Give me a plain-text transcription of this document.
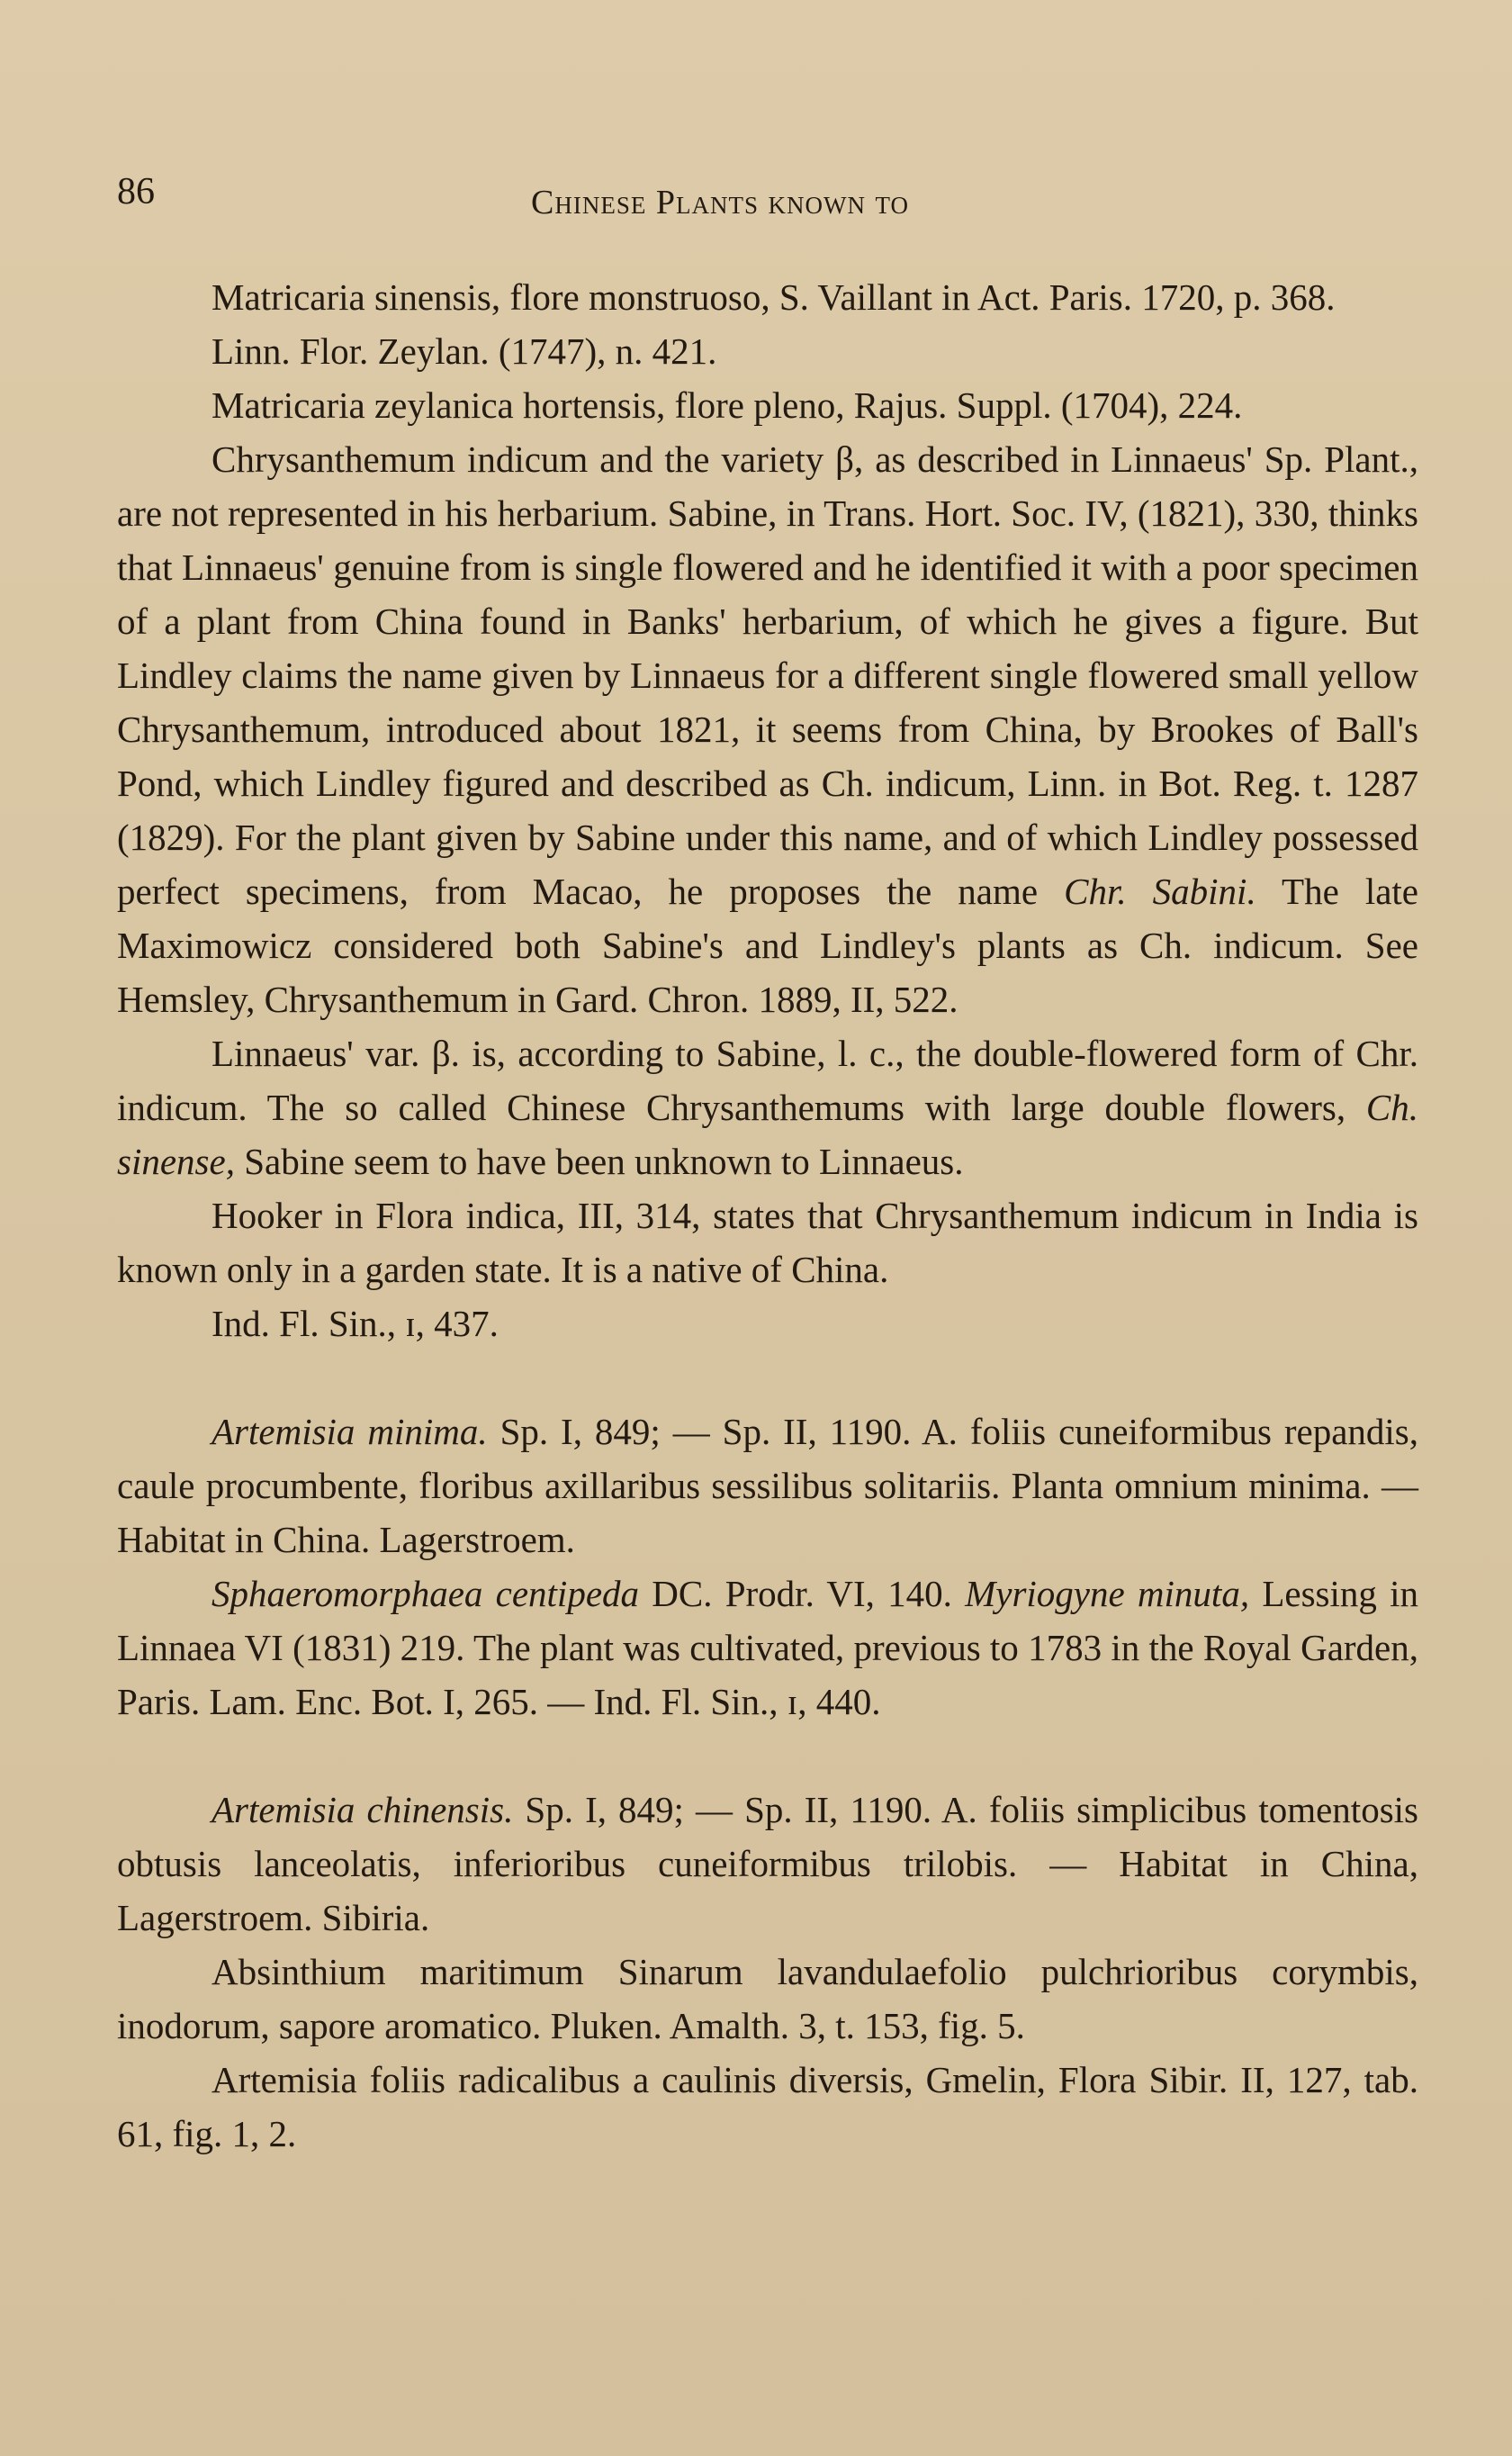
86	Chinese Plants known to

Matricaria sinensis, flore monstruoso, S. Vaillant in Act. Paris. 1720, p. 368.

Linn. Flor. Zeylan. (1747), n. 421.

Matricaria zeylanica hortensis, flore pleno, Rajus. Suppl. (1704), 224.

Chrysanthemum indicum and the variety β, as described in Linnaeus' Sp. Plant., are not represented in his herbarium. Sabine, in Trans. Hort. Soc. IV, (1821), 330, thinks that Linnaeus' genuine from is single flowered and he identified it with a poor specimen of a plant from China found in Banks' herbarium, of which he gives a figure. But Lindley claims the name given by Linnaeus for a different single flowered small yellow Chrysanthemum, introduced about 1821, it seems from China, by Brookes of Ball's Pond, which Lindley figured and described as Ch. indicum, Linn. in Bot. Reg. t. 1287 (1829). For the plant given by Sabine under this name, and of which Lindley possessed perfect specimens, from Macao, he proposes the name Chr. Sabini. The late Maximowicz considered both Sabine's and Lindley's plants as Ch. indicum. See Hemsley, Chrysanthemum in Gard. Chron. 1889, II, 522.

Linnaeus' var. β. is, according to Sabine, l. c., the double-flowered form of Chr. indicum. The so called Chinese Chrysanthemums with large double flowers, Ch. sinense, Sabine seem to have been unknown to Linnaeus.

Hooker in Flora indica, III, 314, states that Chrysanthemum indicum in India is known only in a garden state. It is a native of China.

Ind. Fl. Sin., ɪ, 437.

Artemisia minima. Sp. I, 849; — Sp. II, 1190. A. foliis cuneiformibus repandis, caule procumbente, floribus axillaribus sessilibus solitariis. Planta omnium minima. — Habitat in China. Lagerstroem.

Sphaeromorphaea centipeda DC. Prodr. VI, 140. Myriogyne minuta, Lessing in Linnaea VI (1831) 219. The plant was cultivated, previous to 1783 in the Royal Garden, Paris. Lam. Enc. Bot. I, 265. — Ind. Fl. Sin., ɪ, 440.

Artemisia chinensis. Sp. I, 849; — Sp. II, 1190. A. foliis simplicibus tomentosis obtusis lanceolatis, inferioribus cuneiformibus trilobis. — Habitat in China, Lagerstroem. Sibiria.

Absinthium maritimum Sinarum lavandulaefolio pulchrioribus corymbis, inodorum, sapore aromatico. Pluken. Amalth. 3, t. 153, fig. 5.

Artemisia foliis radicalibus a caulinis diversis, Gmelin, Flora Sibir. II, 127, tab. 61, fig. 1, 2.
